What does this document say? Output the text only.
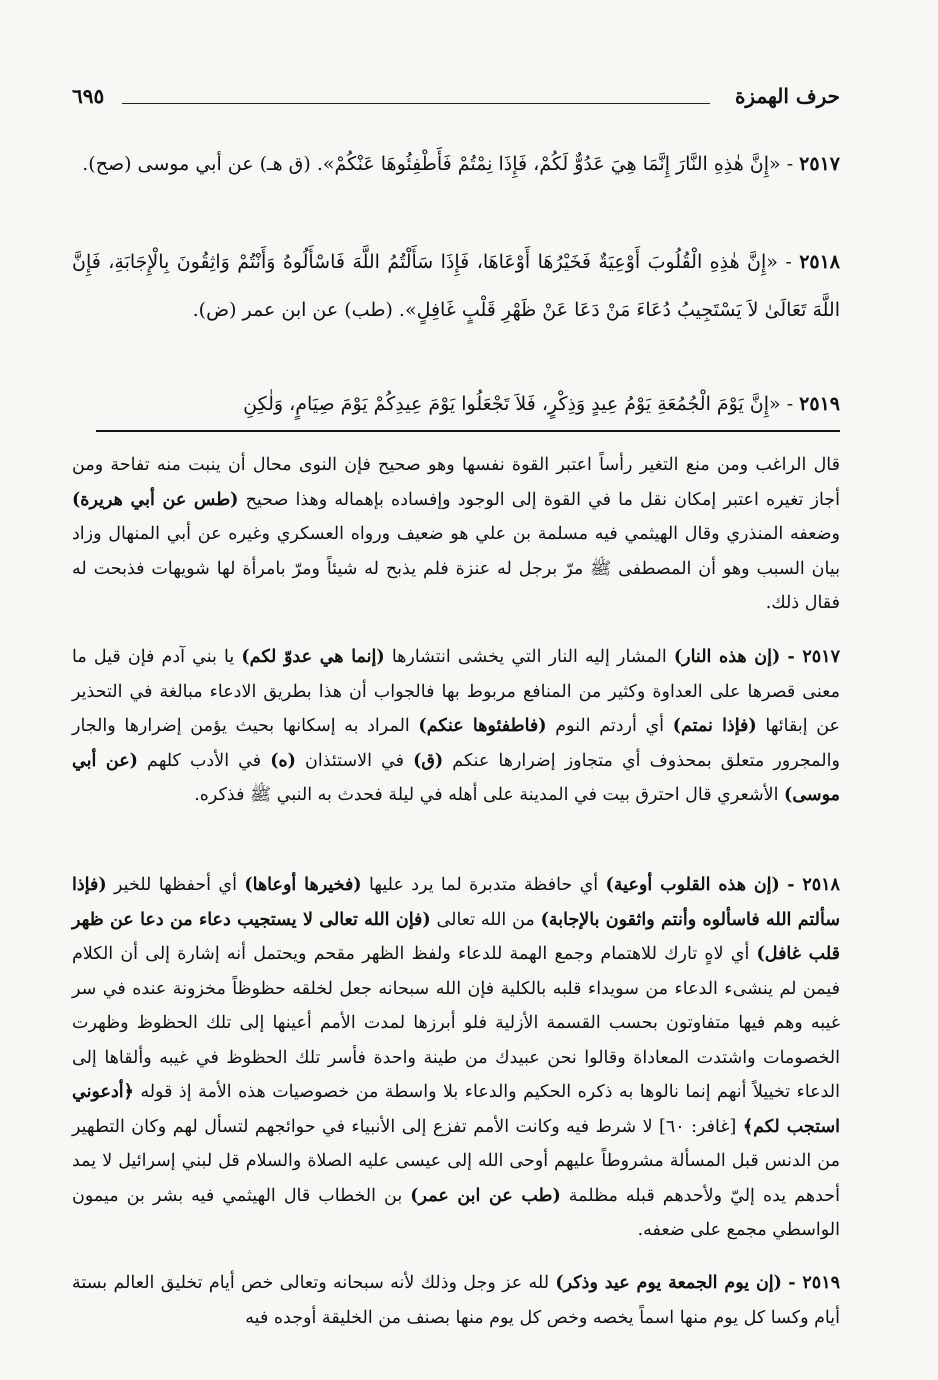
حرف الهمزة
٦٩٥
٢٥١٧ - «إِنَّ هٰذِهِ النَّارَ إِنَّمَا هِيَ عَدُوٌّ لَكُمْ، فَإِذَا نِمْتُمْ فَأَطْفِئُوهَا عَنْكُمْ». (ق هـ) عن أبي موسى (صح).
٢٥١٨ - «إِنَّ هٰذِهِ الْقُلُوبَ أَوْعِيَةٌ فَخَيْرُهَا أَوْعَاهَا، فَإِذَا سَأَلْتُمُ اللَّهَ فَاسْأَلُوهُ وَأَنْتُمْ وَاثِقُونَ بِالْإِجَابَةِ، فَإِنَّ اللَّهَ تَعَالَىٰ لاَ يَسْتَجِيبُ دُعَاءَ مَنْ دَعَا عَنْ ظَهْرِ قَلْبٍ غَافِلٍ». (طب) عن ابن عمر (ض).
٢٥١٩ - «إِنَّ يَوْمَ الْجُمُعَةِ يَوْمُ عِيدٍ وَذِكْرٍ، فَلاَ تَجْعَلُوا يَوْمَ عِيدِكُمْ يَوْمَ صِيَامٍ، وَلٰكِنِ
قال الراغب ومن منع التغير رأساً اعتبر القوة نفسها وهو صحيح فإن النوى محال أن ينبت منه تفاحة ومن أجاز تغيره اعتبر إمكان نقل ما في القوة إلى الوجود وإفساده بإهماله وهذا صحيح (طس عن أبي هريرة) وضعفه المنذري وقال الهيثمي فيه مسلمة بن علي هو ضعيف ورواه العسكري وغيره عن أبي المنهال وزاد بيان السبب وهو أن المصطفى ﷺ مرّ برجل له عنزة فلم يذبح له شيئاً ومرّ بامرأة لها شويهات فذبحت له فقال ذلك.
٢٥١٧ - (إن هذه النار) المشار إليه النار التي يخشى انتشارها (إنما هي عدوّ لكم) يا بني آدم فإن قيل ما معنى قصرها على العداوة وكثير من المنافع مربوط بها فالجواب أن هذا بطريق الادعاء مبالغة في التحذير عن إبقائها (فإذا نمتم) أي أردتم النوم (فاطفئوها عنكم) المراد به إسكانها بحيث يؤمن إضرارها والجار والمجرور متعلق بمحذوف أي متجاوز إضرارها عنكم (ق) في الاستئذان (ه) في الأدب كلهم (عن أبي موسى) الأشعري قال احترق بيت في المدينة على أهله في ليلة فحدث به النبي ﷺ فذكره.
٢٥١٨ - (إن هذه القلوب أوعية) أي حافظة متدبرة لما يرد عليها (فخيرها أوعاها) أي أحفظها للخير (فإذا سألتم الله فاسألوه وأنتم واثقون بالإجابة) من الله تعالى (فإن الله تعالى لا يستجيب دعاء من دعا عن ظهر قلب غافل) أي لاهٍ تارك للاهتمام وجمع الهمة للدعاء ولفظ الظهر مقحم ويحتمل أنه إشارة إلى أن الكلام فيمن لم ينشىء الدعاء من سويداء قلبه بالكلية فإن الله سبحانه جعل لخلقه حظوظاً مخزونة عنده في سر غيبه وهم فيها متفاوتون بحسب القسمة الأزلية فلو أبرزها لمدت الأمم أعينها إلى تلك الحظوظ وظهرت الخصومات واشتدت المعاداة وقالوا نحن عبيدك من طينة واحدة فأسر تلك الحظوظ في غيبه وألقاها إلى الدعاء تخييلاً أنهم إنما نالوها به ذكره الحكيم والدعاء بلا واسطة من خصوصيات هذه الأمة إذ قوله ﴿أدعوني استجب لكم﴾ [غافر: ٦٠] لا شرط فيه وكانت الأمم تفزع إلى الأنبياء في حوائجهم لتسأل لهم وكان التطهير من الدنس قبل المسألة مشروطاً عليهم أوحى الله إلى عيسى عليه الصلاة والسلام قل لبني إسرائيل لا يمد أحدهم يده إليّ ولأحدهم قبله مظلمة (طب عن ابن عمر) بن الخطاب قال الهيثمي فيه بشر بن ميمون الواسطي مجمع على ضعفه.
٢٥١٩ - (إن يوم الجمعة يوم عيد وذكر) لله عز وجل وذلك لأنه سبحانه وتعالى خص أيام تخليق العالم بستة أيام وكسا كل يوم منها اسماً يخصه وخص كل يوم منها بصنف من الخليقة أوجده فيه
